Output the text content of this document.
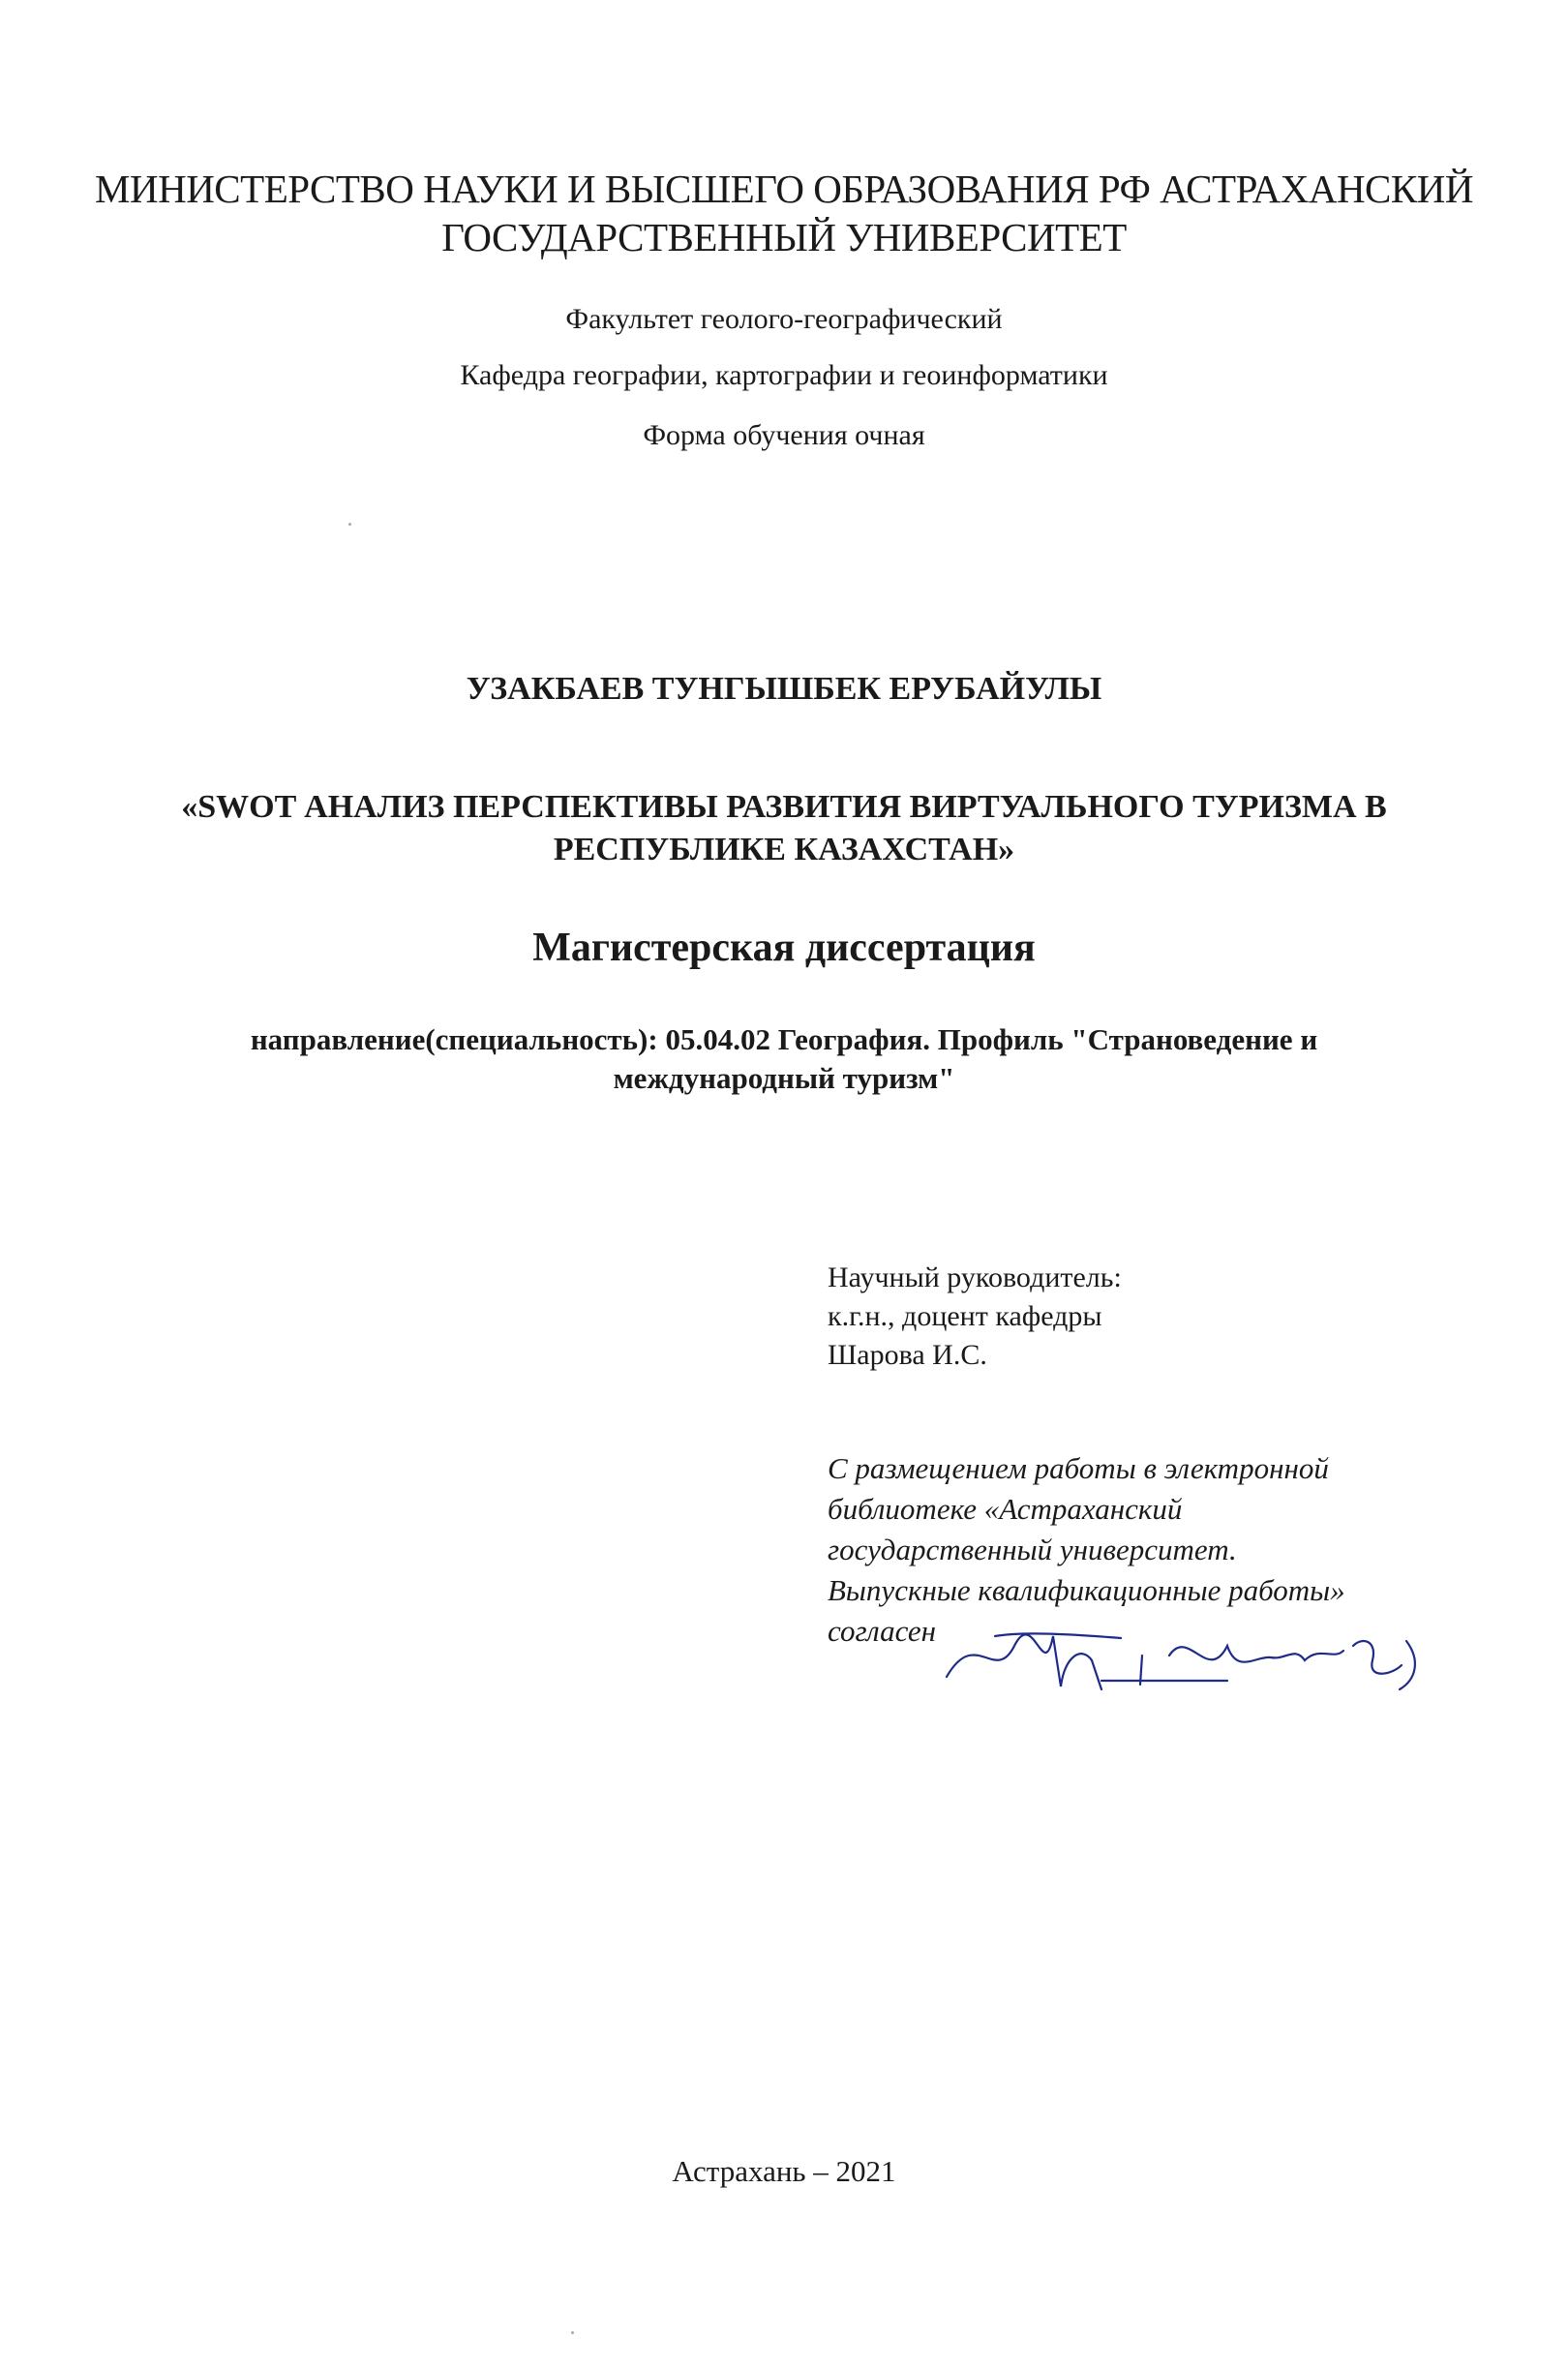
МИНИСТЕРСТВО НАУКИ И ВЫСШЕГО ОБРАЗОВАНИЯ РФ АСТРАХАНСКИЙ
ГОСУДАРСТВЕННЫЙ УНИВЕРСИТЕТ
Факультет геолого-географический
Кафедра географии, картографии и геоинформатики
Форма обучения очная
УЗАКБАЕВ ТУНГЫШБЕК ЕРУБАЙУЛЫ
«SWOT АНАЛИЗ ПЕРСПЕКТИВЫ РАЗВИТИЯ ВИРТУАЛЬНОГО ТУРИЗМА В
РЕСПУБЛИКЕ КАЗАХСТАН»
Магистерская диссертация
направление(специальность): 05.04.02 География. Профиль "Страноведение и
международный туризм"
Научный руководитель:
к.г.н., доцент кафедры
Шарова И.С.
С размещением работы в электронной
библиотеке «Астраханский
государственный университет.
Выпускные квалификационные работы»
согласен
Узакбаев Т.Е.
Астрахань – 2021
